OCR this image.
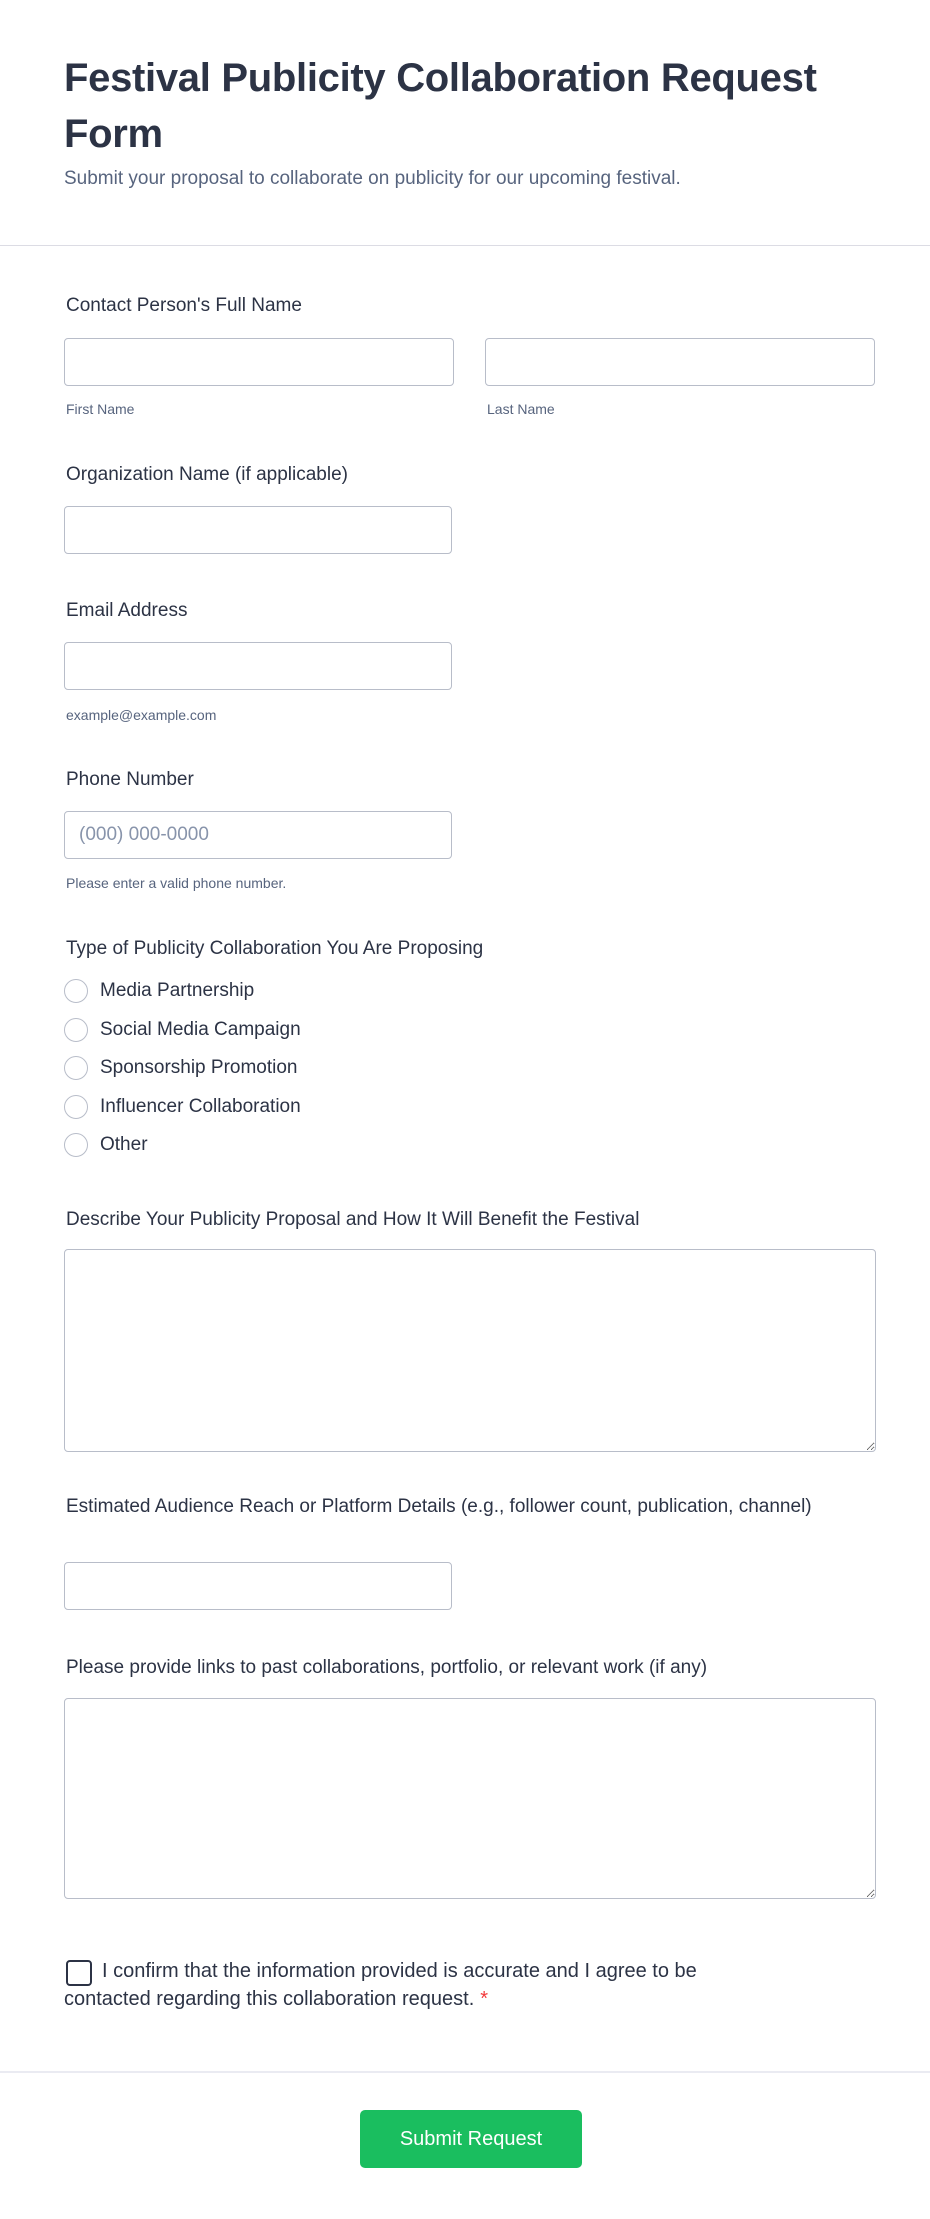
Festival Publicity Collaboration Request Form

Submit your proposal to collaborate on publicity for our upcoming festival.

Contact Person's Full Name
First Name	Last Name
Organization Name (if applicable)
Email Address
example@example.com
Phone Number
(000) 000-0000
Please enter a valid phone number.
Type of Publicity Collaboration You Are Proposing
Media Partnership
Social Media Campaign
Sponsorship Promotion
Influencer Collaboration
Other
Describe Your Publicity Proposal and How It Will Benefit the Festival
Estimated Audience Reach or Platform Details (e.g., follower count, publication, channel)
Please provide links to past collaborations, portfolio, or relevant work (if any)

I confirm that the information provided is accurate and I agree to be contacted regarding this collaboration request. *

Submit Request
